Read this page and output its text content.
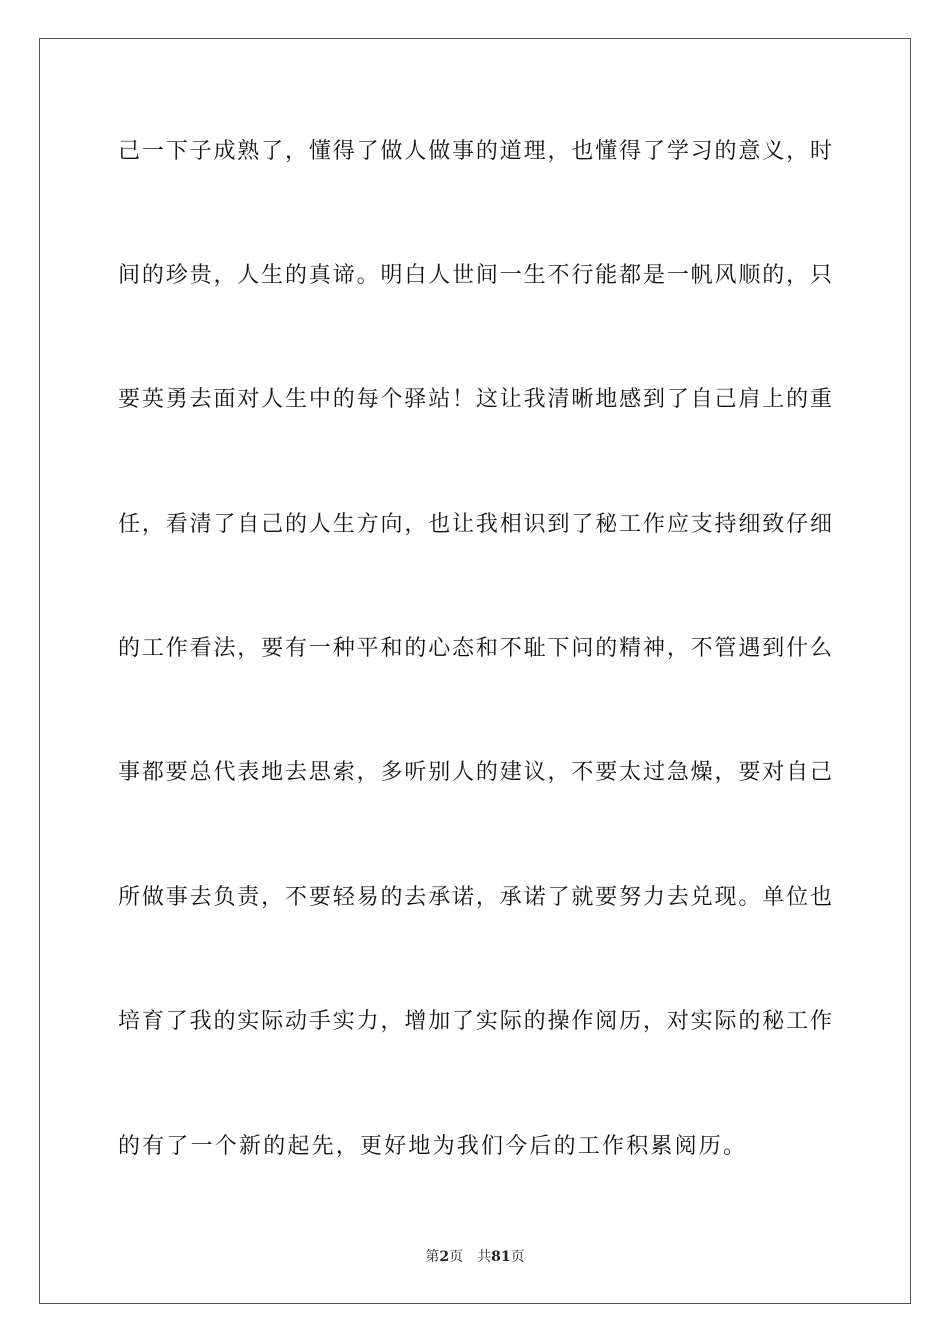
己一下子成熟了，懂得了做人做事的道理，也懂得了学习的意义，时
间的珍贵，人生的真谛。明白人世间一生不行能都是一帆风顺的，只
要英勇去面对人生中的每个驿站！这让我清晰地感到了自己肩上的重
任，看清了自己的人生方向，也让我相识到了秘工作应支持细致仔细
的工作看法，要有一种平和的心态和不耻下问的精神，不管遇到什么
事都要总代表地去思索，多听别人的建议，不要太过急燥，要对自己
所做事去负责，不要轻易的去承诺，承诺了就要努力去兑现。单位也
培育了我的实际动手实力，增加了实际的操作阅历，对实际的秘工作
的有了一个新的起先，更好地为我们今后的工作积累阅历。
第2页 共81页
